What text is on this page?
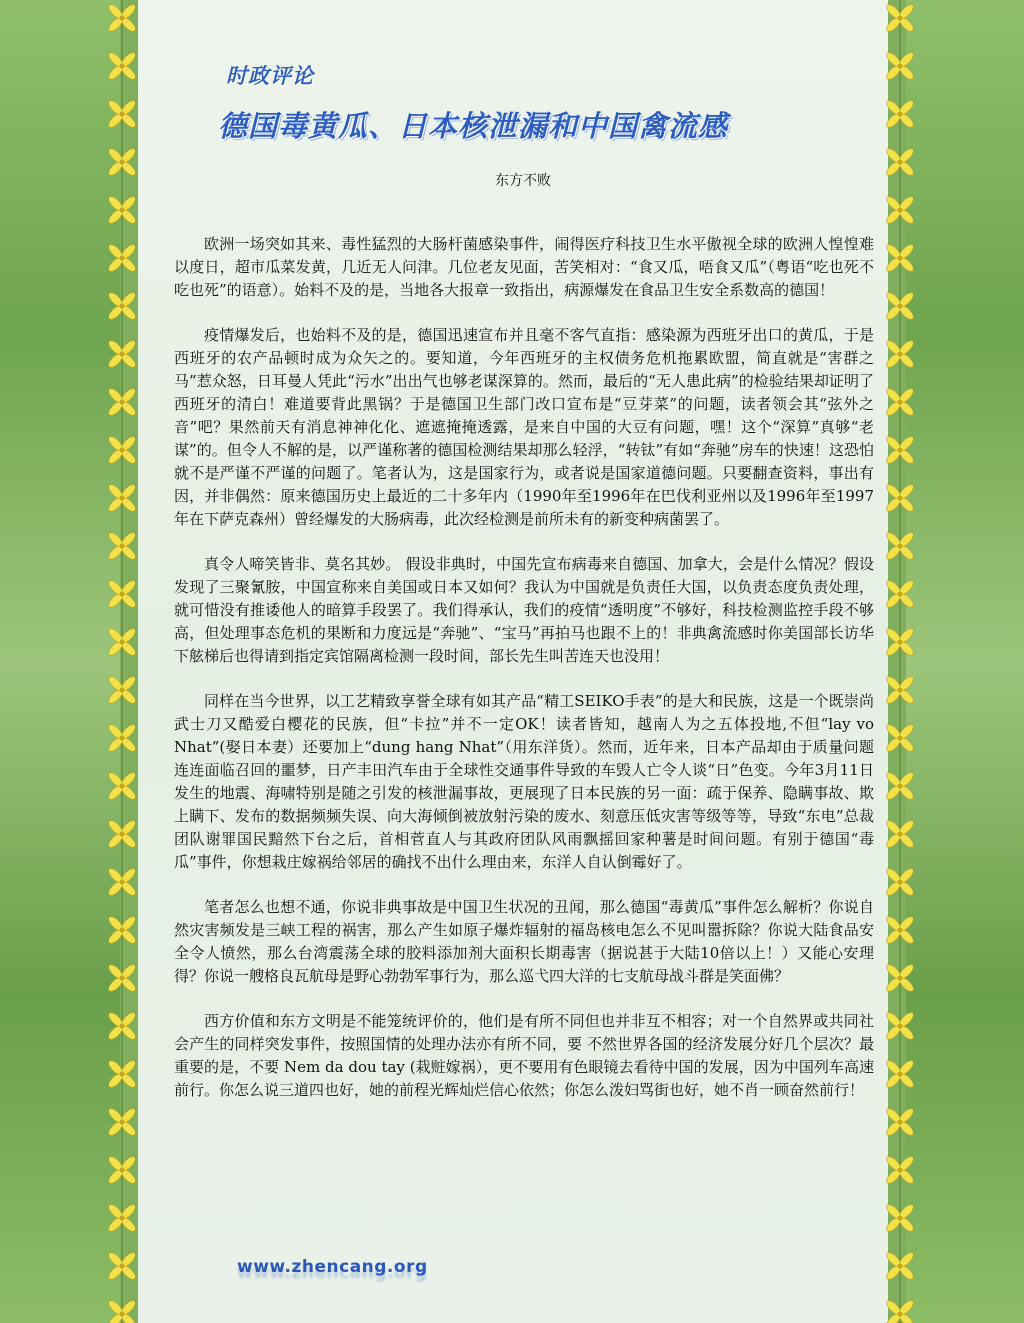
时政评论
德国毒黄瓜、日本核泄漏和中国禽流感
东方不败

欧洲一场突如其来、毒性猛烈的大肠杆菌感染事件，闹得医疗科技卫生水平傲视全球的欧洲人惶惶难以度日，超市瓜菜发黄，几近无人问津。几位老友见面，苦笑相对：“食又瓜，唔食又瓜”（粤语“吃也死不吃也死”的语意）。始料不及的是，当地各大报章一致指出，病源爆发在食品卫生安全系数高的德国！

疫情爆发后，也始料不及的是，德国迅速宣布并且毫不客气直指：感染源为西班牙出口的黄瓜，于是西班牙的农产品顿时成为众矢之的。要知道，今年西班牙的主权债务危机拖累欧盟，简直就是“害群之马”惹众怒，日耳曼人凭此“污水”出出气也够老谋深算的。然而，最后的“无人患此病”的检验结果却证明了西班牙的清白！难道要背此黑锅？于是德国卫生部门改口宣布是“豆芽菜”的问题，读者领会其“弦外之音”吧？果然前天有消息神神化化、遮遮掩掩透露，是来自中国的大豆有问题，嘿！这个“深算”真够“老谋”的。但令人不解的是，以严谨称著的德国检测结果却那么轻浮，“转钛”有如“奔驰”房车的快速！这恐怕就不是严谨不严谨的问题了。笔者认为，这是国家行为，或者说是国家道德问题。只要翻查资料，事出有因，并非偶然：原来德国历史上最近的二十多年内（1990年至1996年在巴伐利亚州以及1996年至1997年在下萨克森州）曾经爆发的大肠病毒，此次经检测是前所未有的新变种病菌罢了。

真令人啼笑皆非、莫名其妙。 假设非典时，中国先宣布病毒来自德国、加拿大，会是什么情况？假设发现了三聚氰胺，中国宣称来自美国或日本又如何？我认为中国就是负责任大国，以负责态度负责处理，就可惜没有推诿他人的暗算手段罢了。我们得承认，我们的疫情“透明度”不够好，科技检测监控手段不够高，但处理事态危机的果断和力度远是“奔驰”、“宝马”再拍马也跟不上的！非典禽流感时你美国部长访华下舷梯后也得请到指定宾馆隔离检测一段时间，部长先生叫苦连天也没用！

同样在当今世界，以工艺精致享誉全球有如其产品“精工SEIKO手表”的是大和民族，这是一个既崇尚武士刀又酷爱白樱花的民族，但“卡拉”并不一定OK！读者皆知，越南人为之五体投地,不但“lay vo Nhat”(娶日本妻）还要加上“dung hang Nhat”（用东洋货）。然而，近年来，日本产品却由于质量问题连连面临召回的噩梦，日产丰田汽车由于全球性交通事件导致的车毁人亡令人谈“日”色变。今年3月11日发生的地震、海啸特别是随之引发的核泄漏事故，更展现了日本民族的另一面：疏于保养、隐瞒事故、欺上瞒下、发布的数据频频失误、向大海倾倒被放射污染的废水、刻意压低灾害等级等等，导致“东电”总裁团队谢罪国民黯然下台之后，首相菅直人与其政府团队风雨飘摇回家种薯是时间问题。有别于德国“毒瓜”事件，你想栽庄嫁祸给邻居的确找不出什么理由来，东洋人自认倒霉好了。

笔者怎么也想不通，你说非典事故是中国卫生状况的丑闻，那么德国“毒黄瓜”事件怎么解析？你说自然灾害频发是三峡工程的祸害，那么产生如原子爆炸辐射的福岛核电怎么不见叫嚣拆除？你说大陆食品安全令人愤然，那么台湾震荡全球的胶料添加剂大面积长期毒害（据说甚于大陆10倍以上！）又能心安理得？你说一艘格良瓦航母是野心勃勃军事行为，那么巡弋四大洋的七支航母战斗群是笑面佛？

西方价值和东方文明是不能笼统评价的，他们是有所不同但也并非互不相容；对一个自然界或共同社会产生的同样突发事件，按照国情的处理办法亦有所不同，要 不然世界各国的经济发展分好几个层次？最重要的是，不要 Nem da dou tay (栽赃嫁祸），更不要用有色眼镜去看待中国的发展，因为中国列车高速前行。你怎么说三道四也好，她的前程光辉灿烂信心依然；你怎么泼妇骂街也好，她不肖一顾奋然前行！

www.zhencang.org
